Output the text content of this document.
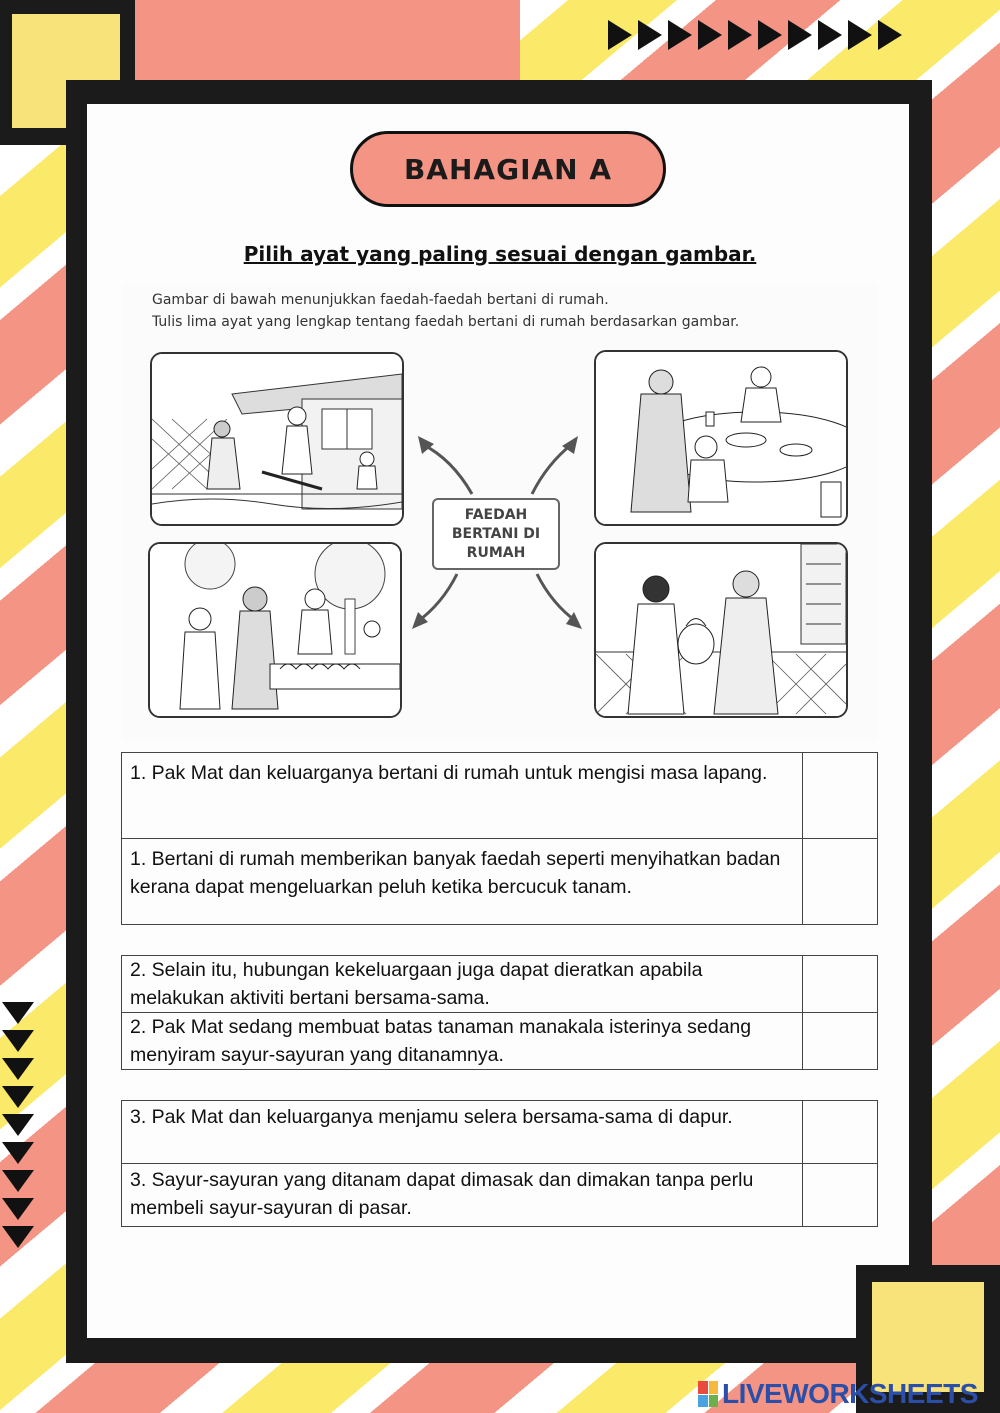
BAHAGIAN A
Pilih ayat yang paling sesuai dengan gambar.
Gambar di bawah menunjukkan faedah-faedah bertani di rumah.
Tulis lima ayat yang lengkap tentang faedah bertani di rumah berdasarkan gambar.
FAEDAH
BERTANI DI
RUMAH
1. Pak Mat dan keluarganya bertani di rumah untuk mengisi masa lapang.	
1. Bertani di rumah memberikan banyak faedah seperti menyihatkan badan kerana dapat mengeluarkan peluh ketika bercucuk tanam.	
2. Selain itu, hubungan kekeluargaan juga dapat dieratkan apabila melakukan aktiviti bertani bersama-sama.	
2. Pak Mat sedang membuat batas tanaman manakala isterinya sedang menyiram sayur-sayuran yang ditanamnya.	
3. Pak Mat dan keluarganya menjamu selera bersama-sama di dapur.	
3. Sayur-sayuran yang ditanam dapat dimasak dan dimakan tanpa perlu membeli sayur-sayuran di pasar.	
LIVEWORKSHEETS
